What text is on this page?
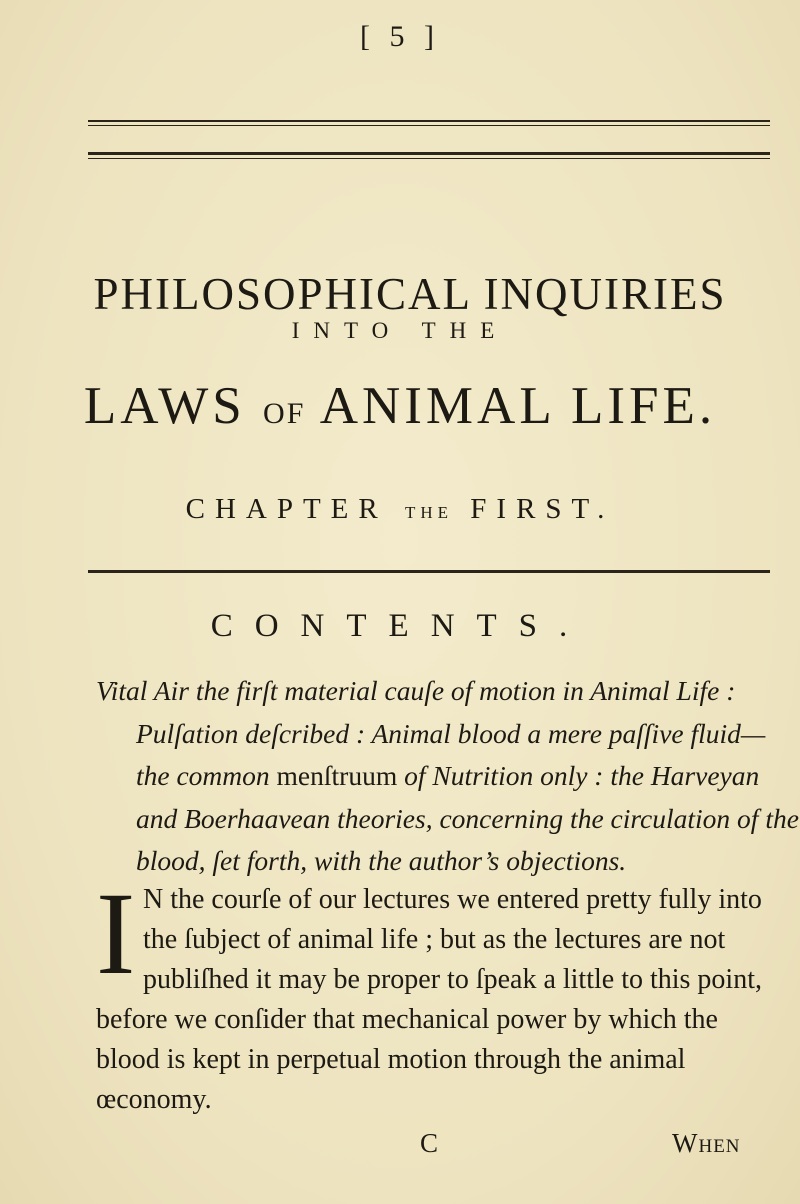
[ 5 ]
PHILOSOPHICAL INQUIRIES
INTO THE
LAWS OF ANIMAL LIFE.
CHAPTER THE FIRST.
CONTENTS.
Vital Air the firſt material cauſe of motion in Animal Life :
Pulſation deſcribed : Animal blood a mere paſſive fluid—
the common menſtruum of Nutrition only : the Harveyan
and Boerhaavean theories, concerning the circulation of the
blood, ſet forth, with the author’s objections.
I N the courſe of our lectures we entered pretty fully into
the ſubject of animal life ; but as the lectures are not
publiſhed it may be proper to ſpeak a little to this point,
before we conſider that mechanical power by which the
blood is kept in perpetual motion through the animal
œconomy.
C	When
